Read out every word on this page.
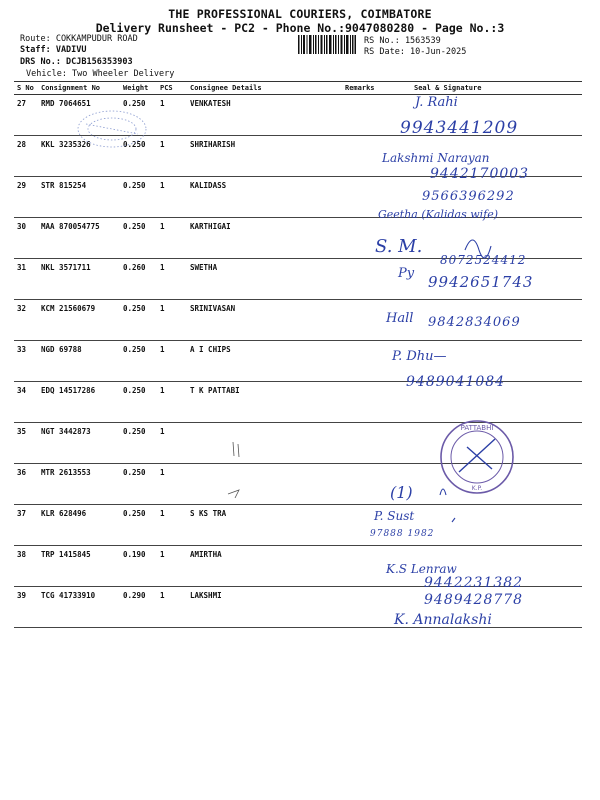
THE PROFESSIONAL COURIERS, COIMBATORE
Delivery Runsheet - PC2 - Phone No.:9047080280 - Page No.:3
Route: COKKAMPUDUR ROAD
Staff: VADIVU
DRS No.: DCJB156353903
Vehicle: Two Wheeler Delivery
RS No.: 1563539
RS Date: 10-Jun-2025
S No	Consignment No	Weight	PCS	Consignee Details	Remarks	Seal & Signature
27	RMD 7064651	0.250	1	VENKATESH		
28	KKL 3235326	0.250	1	SHRIHARISH		
29	STR 815254	0.250	1	KALIDASS		
30	MAA 870054775	0.250	1	KARTHIGAI		
31	NKL 3571711	0.260	1	SWETHA		
32	KCM 21560679	0.250	1	SRINIVASAN		
33	NGD 69788	0.250	1	A I CHIPS		
34	EDQ 14517286	0.250	1	T K PATTABI		
35	NGT 3442873	0.250	1			
36	MTR 2613553	0.250	1			
37	KLR 628496	0.250	1	S KS TRA		
38	TRP 1415845	0.190	1	AMIRTHA		
39	TCG 41733910	0.290	1	LAKSHMI		
PATTABHI
K.P.
J. Rahi
9943441209
Lakshmi Narayan
9442170003
9566396292
Geetha (Kalidas wife)
S. M.
8072524412
Py 9942651743
Hall 9842834069
P. Dhu—
9489041084
(1)
P. Sust
97888 1982
K.S Lenraw
9442231382
9489428778
K. Annalakshi
